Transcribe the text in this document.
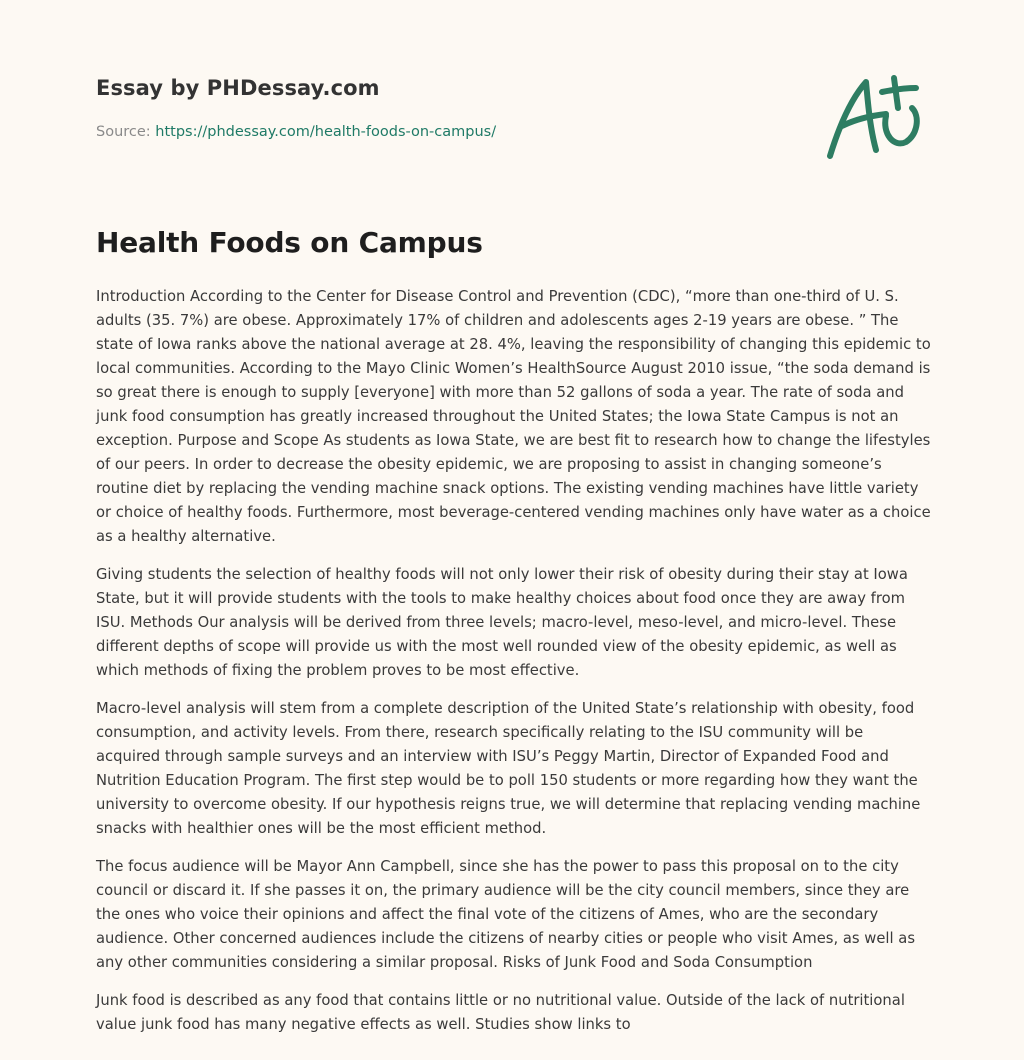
Essay by PHDessay.com
Source: https://phdessay.com/health-foods-on-campus/
Health Foods on Campus

Introduction According to the Center for Disease Control and Prevention (CDC), “more than one-third of U. S. adults (35. 7%) are obese. Approximately 17% of children and adolescents ages 2-19 years are obese. ” The state of Iowa ranks above the national average at 28. 4%, leaving the responsibility of changing this epidemic to local communities. According to the Mayo Clinic Women’s HealthSource August 2010 issue, “the soda demand is so great there is enough to supply [everyone] with more than 52 gallons of soda a year. The rate of soda and junk food consumption has greatly increased throughout the United States; the Iowa State Campus is not an exception. Purpose and Scope As students as Iowa State, we are best fit to research how to change the lifestyles of our peers. In order to decrease the obesity epidemic, we are proposing to assist in changing someone’s routine diet by replacing the vending machine snack options. The existing vending machines have little variety or choice of healthy foods. Furthermore, most beverage-centered vending machines only have water as a choice as a healthy alternative.

Giving students the selection of healthy foods will not only lower their risk of obesity during their stay at Iowa State, but it will provide students with the tools to make healthy choices about food once they are away from ISU. Methods Our analysis will be derived from three levels; macro-level, meso-level, and micro-level. These different depths of scope will provide us with the most well rounded view of the obesity epidemic, as well as which methods of fixing the problem proves to be most effective.

Macro-level analysis will stem from a complete description of the United State’s relationship with obesity, food consumption, and activity levels. From there, research specifically relating to the ISU community will be acquired through sample surveys and an interview with ISU’s Peggy Martin, Director of Expanded Food and Nutrition Education Program. The first step would be to poll 150 students or more regarding how they want the university to overcome obesity. If our hypothesis reigns true, we will determine that replacing vending machine snacks with healthier ones will be the most efficient method.

The focus audience will be Mayor Ann Campbell, since she has the power to pass this proposal on to the city council or discard it. If she passes it on, the primary audience will be the city council members, since they are the ones who voice their opinions and affect the final vote of the citizens of Ames, who are the secondary audience. Other concerned audiences include the citizens of nearby cities or people who visit Ames, as well as any other communities considering a similar proposal. Risks of Junk Food and Soda Consumption

Junk food is described as any food that contains little or no nutritional value. Outside of the lack of nutritional value junk food has many negative effects as well. Studies show links to
